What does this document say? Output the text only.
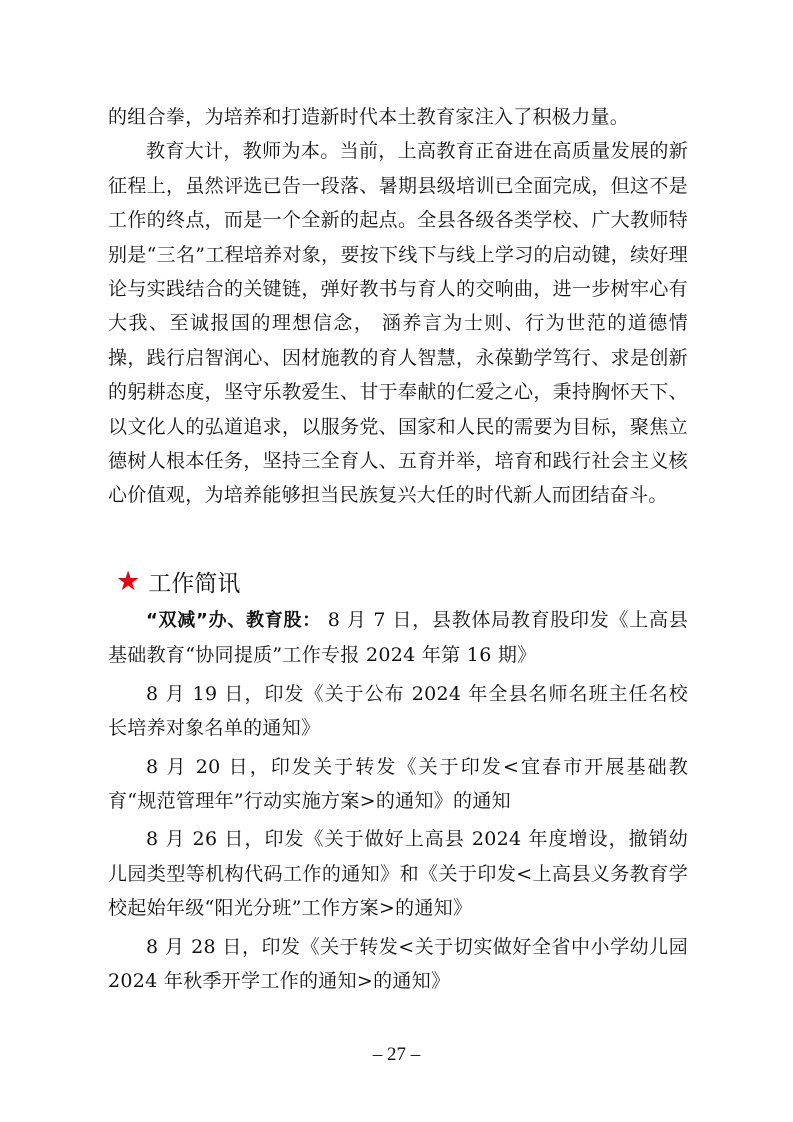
的组合拳，为培养和打造新时代本土教育家注入了积极力量。

教育大计，教师为本。当前，上高教育正奋进在高质量发展的新征程上，虽然评选已告一段落、暑期县级培训已全面完成，但这不是工作的终点，而是一个全新的起点。全县各级各类学校、广大教师特别是“三名”工程培养对象，要按下线下与线上学习的启动键，续好理论与实践结合的关键链，弹好教书与育人的交响曲，进一步树牢心有大我、至诚报国的理想信念， 涵养言为士则、行为世范的道德情操，践行启智润心、因材施教的育人智慧，永葆勤学笃行、求是创新的躬耕态度，坚守乐教爱生、甘于奉献的仁爱之心，秉持胸怀天下、以文化人的弘道追求，以服务党、国家和人民的需要为目标，聚焦立德树人根本任务，坚持三全育人、五育并举，培育和践行社会主义核心价值观，为培养能够担当民族复兴大任的时代新人而团结奋斗。

★ 工作简讯

“双减”办、教育股： 8 月 7 日，县教体局教育股印发《上高县基础教育“协同提质”工作专报 2024 年第 16 期》

8 月 19 日，印发《关于公布 2024 年全县名师名班主任名校长培养对象名单的通知》

8 月 20 日，印发关于转发《关于印发<宜春市开展基础教育“规范管理年”行动实施方案>的通知》的通知

8 月 26 日，印发《关于做好上高县 2024 年度增设，撤销幼儿园类型等机构代码工作的通知》和《关于印发<上高县义务教育学校起始年级“阳光分班”工作方案>的通知》

8 月 28 日，印发《关于转发<关于切实做好全省中小学幼儿园 2024 年秋季开学工作的通知>的通知》

– 27 –
